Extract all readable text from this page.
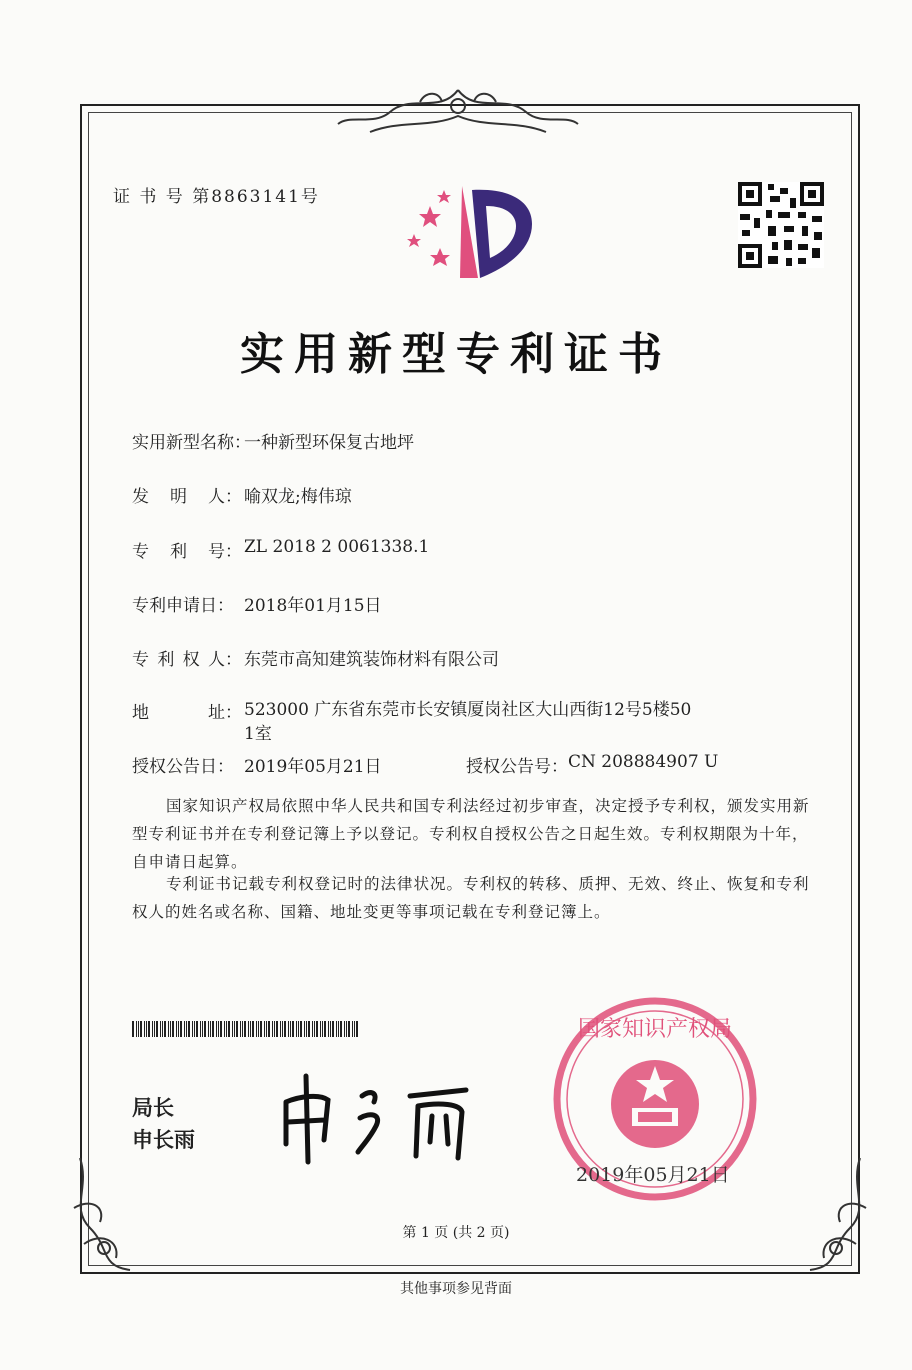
证 书 号 第8863141号
实用新型专利证书
实用新型名称：
一种新型环保复古地坪
发 明 人： 喻双龙;梅伟琼
专 利 号： ZL 2018 2 0061338.1
专利申请日： 2018年01月15日
专 利 权 人： 东莞市高知建筑装饰材料有限公司
地	址： 523000 广东省东莞市长安镇厦岗社区大山西街12号5楼50
1室
授权公告日： 2019年05月21日	授权公告号： CN 208884907 U
国家知识产权局依照中华人民共和国专利法经过初步审查，决定授予专利权，颁发实用新型专利证书并在专利登记簿上予以登记。专利权自授权公告之日起生效。专利权期限为十年，自申请日起算。
专利证书记载专利权登记时的法律状况。专利权的转移、质押、无效、终止、恢复和专利权人的姓名或名称、国籍、地址变更等事项记载在专利登记簿上。
局长
申长雨
国家知识产权局
2019年05月21日
第 1 页 (共 2 页)
其他事项参见背面
